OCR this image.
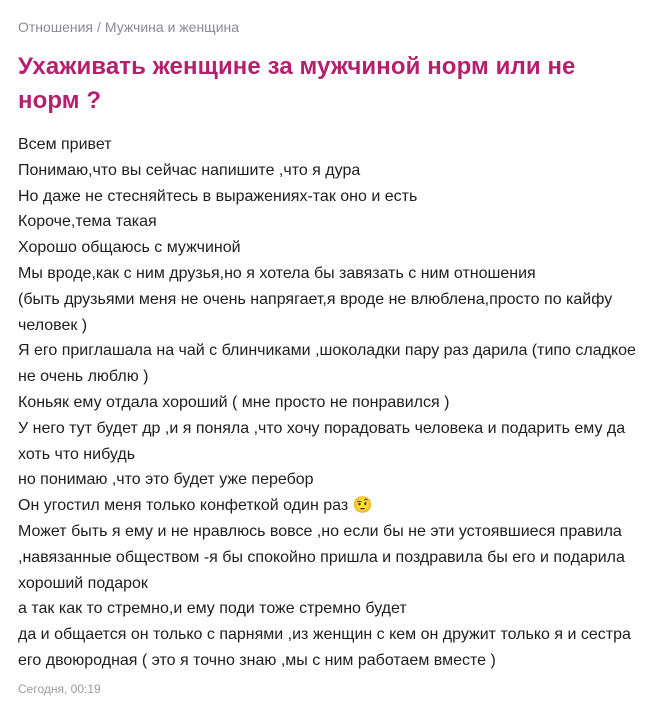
Отношения / Мужчина и женщина
Ухаживать женщине за мужчиной норм или не норм ?

Всем привет

Понимаю,что вы сейчас напишите ,что я дура

Но даже не стесняйтесь в выражениях-так оно и есть

Короче,тема такая

Хорошо общаюсь с мужчиной

Мы вроде,как с ним друзья,но я хотела бы завязать с ним отношения

(быть друзьями меня не очень напрягает,я вроде не влюблена,просто по кайфу человек )

Я его приглашала на чай с блинчиками ,шоколадки пару раз дарила (типо сладкое не очень люблю )

Коньяк ему отдала хороший ( мне просто не понравился )

У него тут будет др ,и я поняла ,что хочу порадовать человека и подарить ему да хоть что нибудь

но понимаю ,что это будет уже перебор

Он угостил меня только конфеткой один раз 🤨

Может быть я ему и не нравлюсь вовсе ,но если бы не эти устоявшиеся правила ,навязанные обществом -я бы спокойно пришла и поздравила бы его и подарила хороший подарок

а так как то стремно,и ему поди тоже стремно будет

да и общается он только с парнями ,из женщин с кем он дружит только я и сестра его двоюродная ( это я точно знаю ,мы с ним работаем вместе )

Сегодня, 00:19
